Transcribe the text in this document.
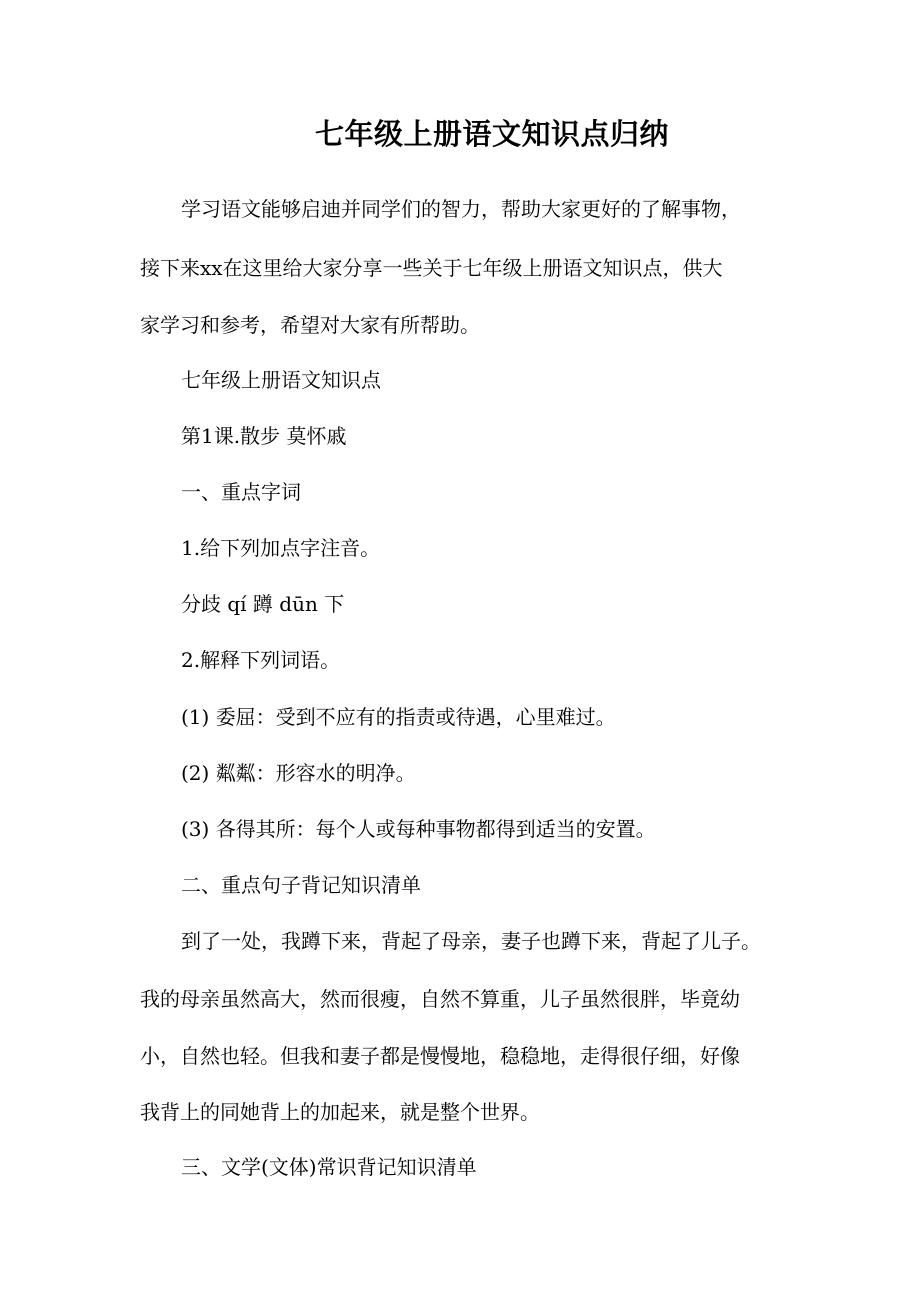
七年级上册语文知识点归纳
学习语文能够启迪并同学们的智力，帮助大家更好的了解事物，
接下来xx在这里给大家分享一些关于七年级上册语文知识点，供大
家学习和参考，希望对大家有所帮助。
七年级上册语文知识点
第1课.散步 莫怀戚
一、重点字词
1.给下列加点字注音。
分歧 qí 蹲 dūn 下
2.解释下列词语。
(1) 委屈：受到不应有的指责或待遇，心里难过。
(2) 粼粼：形容水的明净。
(3) 各得其所：每个人或每种事物都得到适当的安置。
二、重点句子背记知识清单
到了一处，我蹲下来，背起了母亲，妻子也蹲下来，背起了儿子。
我的母亲虽然高大，然而很瘦，自然不算重，儿子虽然很胖，毕竟幼
小，自然也轻。但我和妻子都是慢慢地，稳稳地，走得很仔细，好像
我背上的同她背上的加起来，就是整个世界。
三、文学(文体)常识背记知识清单
